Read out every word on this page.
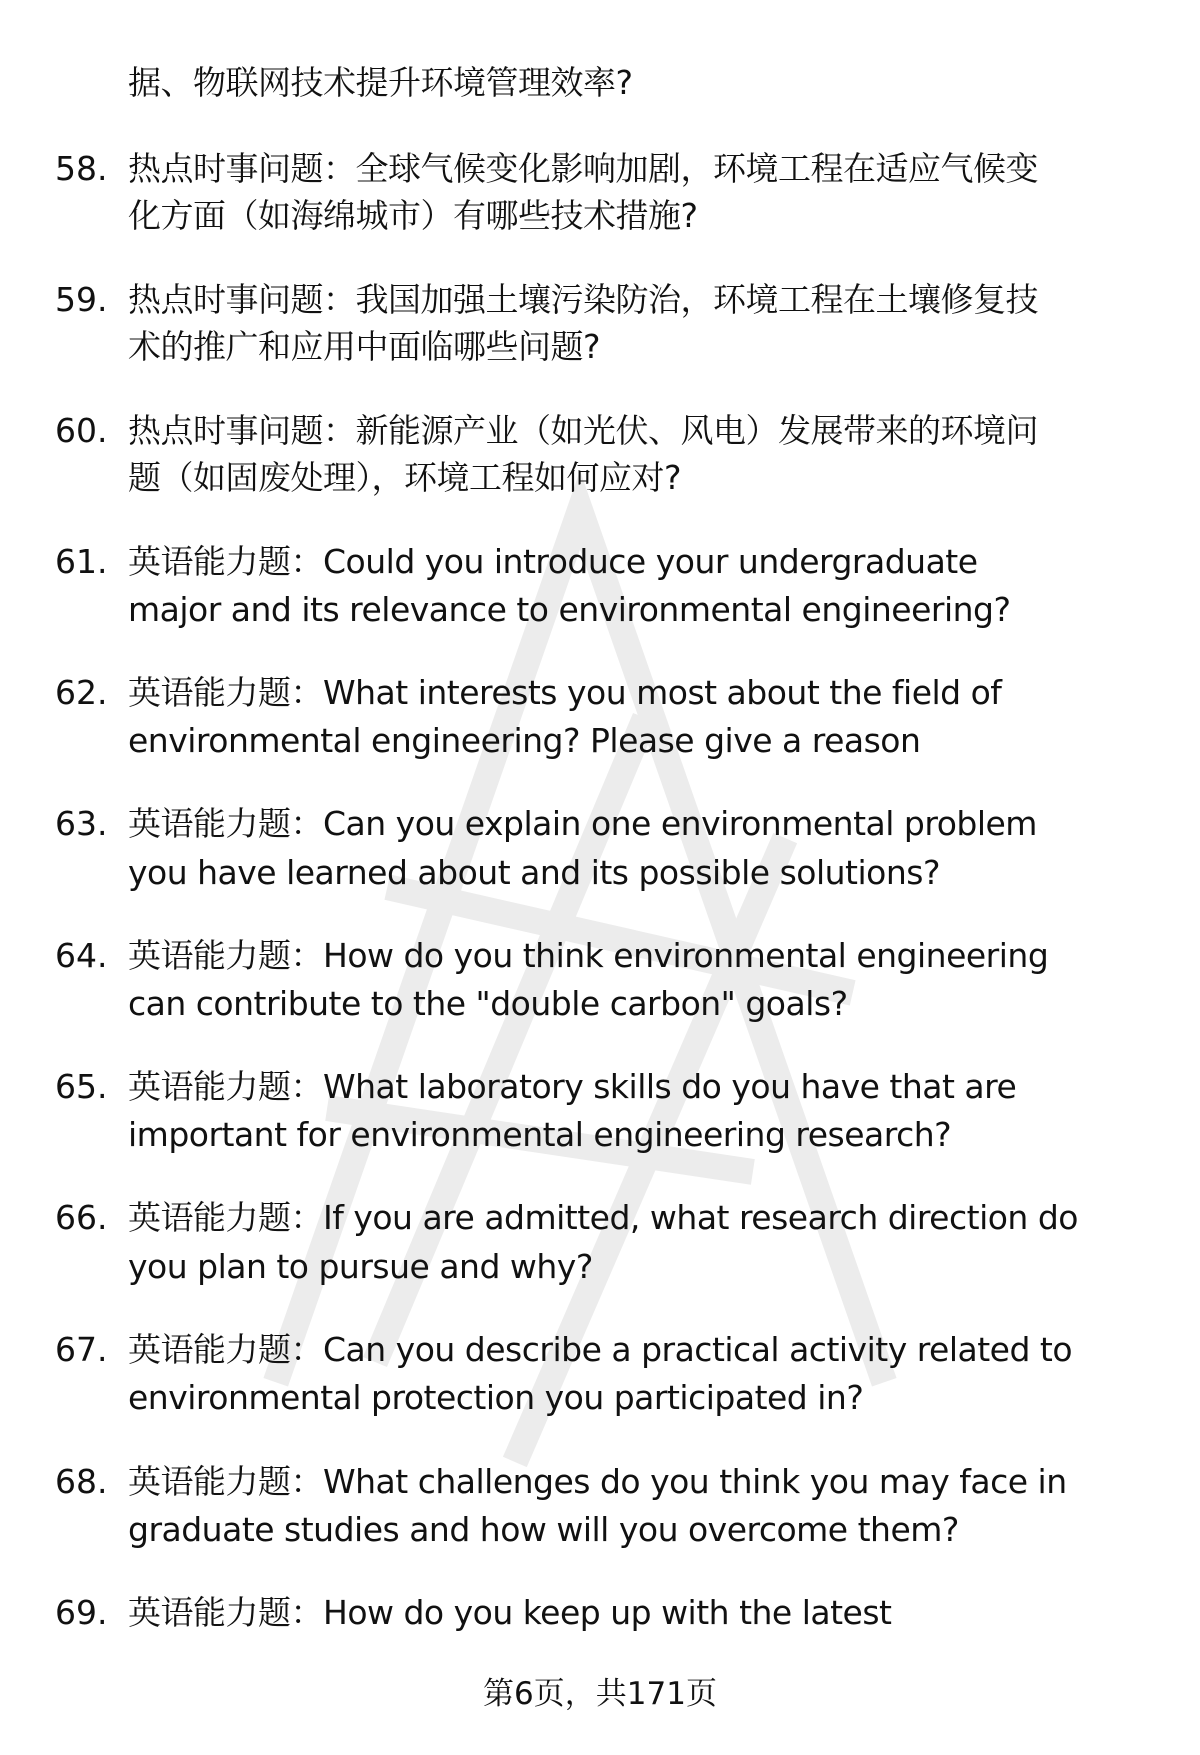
据、物联网技术提升环境管理效率?
58. 热点时事问题：全球气候变化影响加剧，环境工程在适应气候变
化方面（如海绵城市）有哪些技术措施?
59. 热点时事问题：我国加强土壤污染防治，环境工程在土壤修复技
术的推广和应用中面临哪些问题?
60. 热点时事问题：新能源产业（如光伏、风电）发展带来的环境问
题（如固废处理），环境工程如何应对?
61. 英语能力题：Could you introduce your undergraduate
major and its relevance to environmental engineering?
62. 英语能力题：What interests you most about the field of
environmental engineering? Please give a reason
63. 英语能力题：Can you explain one environmental problem
you have learned about and its possible solutions?
64. 英语能力题：How do you think environmental engineering
can contribute to the "double carbon" goals?
65. 英语能力题：What laboratory skills do you have that are
important for environmental engineering research?
66. 英语能力题：If you are admitted, what research direction do
you plan to pursue and why?
67. 英语能力题：Can you describe a practical activity related to
environmental protection you participated in?
68. 英语能力题：What challenges do you think you may face in
graduate studies and how will you overcome them?
69. 英语能力题：How do you keep up with the latest
第6页，共171页
